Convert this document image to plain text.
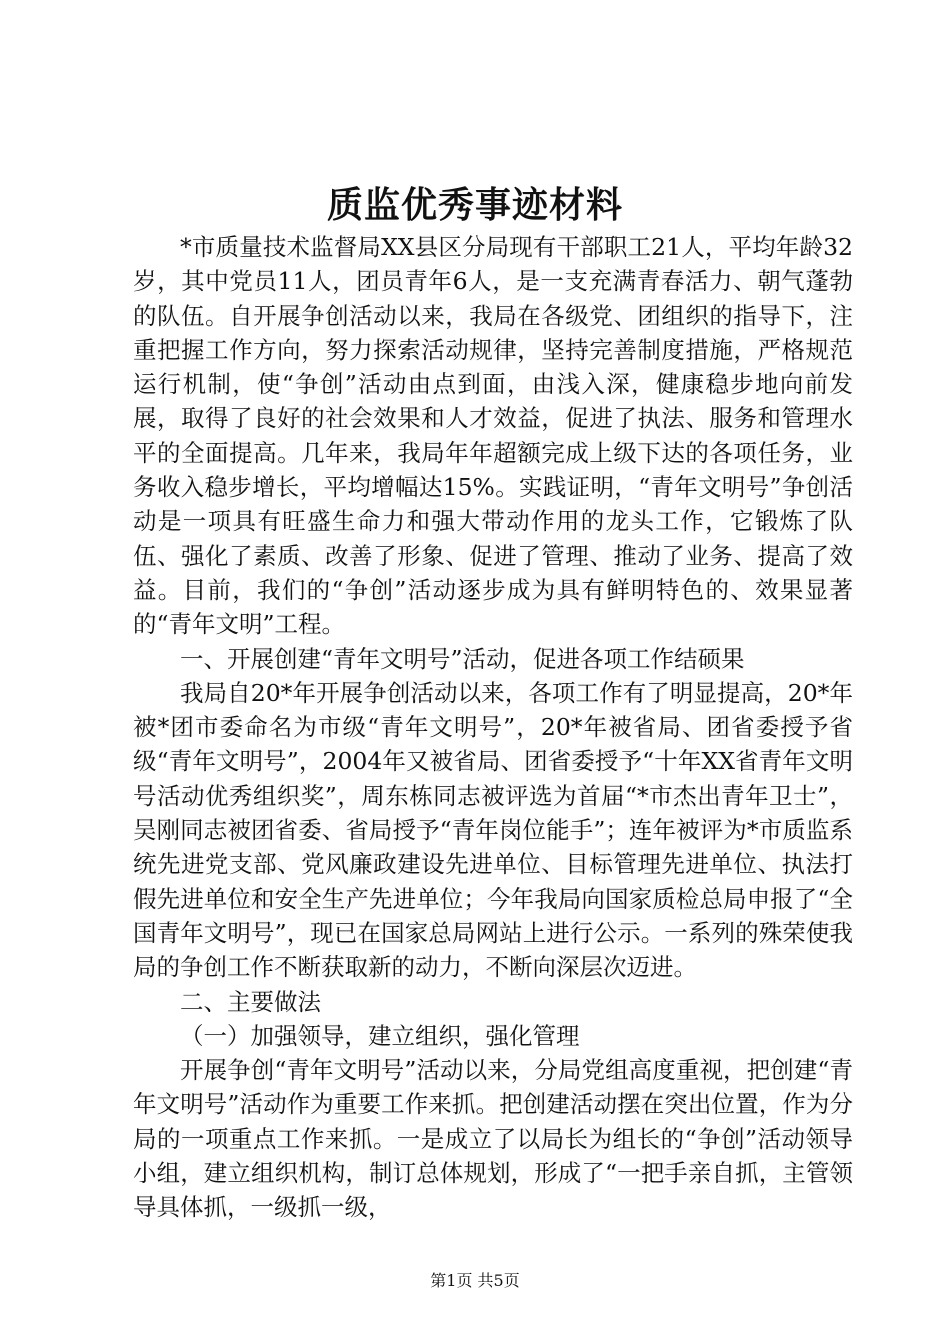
质监优秀事迹材料

*市质量技术监督局XX县区分局现有干部职工21人，平均年龄32岁，其中党员11人，团员青年6人，是一支充满青春活力、朝气蓬勃的队伍。自开展争创活动以来，我局在各级党、团组织的指导下，注重把握工作方向，努力探索活动规律，坚持完善制度措施，严格规范运行机制，使“争创”活动由点到面，由浅入深，健康稳步地向前发展，取得了良好的社会效果和人才效益，促进了执法、服务和管理水平的全面提高。几年来，我局年年超额完成上级下达的各项任务，业务收入稳步增长，平均增幅达15%。实践证明，“青年文明号”争创活动是一项具有旺盛生命力和强大带动作用的龙头工作，它锻炼了队伍、强化了素质、改善了形象、促进了管理、推动了业务、提高了效益。目前，我们的“争创”活动逐步成为具有鲜明特色的、效果显著的“青年文明”工程。

一、开展创建“青年文明号”活动，促进各项工作结硕果

我局自20*年开展争创活动以来，各项工作有了明显提高，20*年被*团市委命名为市级“青年文明号”，20*年被省局、团省委授予省级“青年文明号”，2004年又被省局、团省委授予“十年XX省青年文明号活动优秀组织奖”，周东栋同志被评选为首届“*市杰出青年卫士”，吴刚同志被团省委、省局授予“青年岗位能手”；连年被评为*市质监系统先进党支部、党风廉政建设先进单位、目标管理先进单位、执法打假先进单位和安全生产先进单位；今年我局向国家质检总局申报了“全国青年文明号”，现已在国家总局网站上进行公示。一系列的殊荣使我局的争创工作不断获取新的动力，不断向深层次迈进。

二、主要做法

（一）加强领导，建立组织，强化管理

开展争创“青年文明号”活动以来，分局党组高度重视，把创建“青年文明号”活动作为重要工作来抓。把创建活动摆在突出位置，作为分局的一项重点工作来抓。一是成立了以局长为组长的“争创”活动领导小组，建立组织机构，制订总体规划，形成了“一把手亲自抓，主管领导具体抓，一级抓一级，

第1页 共5页
